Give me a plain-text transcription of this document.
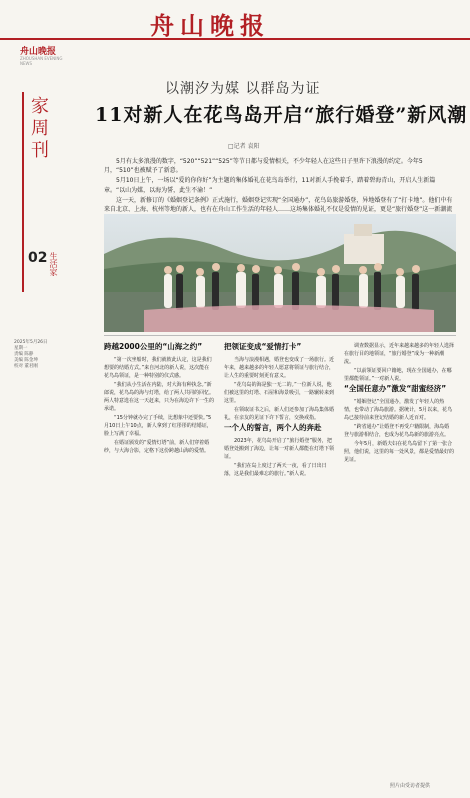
舟山晚报
舟山晚报
ZHOUSHAN EVENING NEWS
家周刊
02 生活家
2025年5月26日
星期一
责编 陈静
美编 陈金坤
校对 董君刚
以潮汐为媒 以群岛为证
11对新人在花鸟岛开启“旅行婚登”新风潮
□记者 袁阳

5月有太多浪漫的数字，“520”“521”“525”等节日都与爱情相关，不少年轻人在这些日子里许下浪漫的约定。今年5月，“510”也被赋予了新意。

5月10日上午，一场以“爱的你你好”为主题的集体婚礼在花鸟岛举行，11对新人手挽着手，踏着碧海青山，开启人生新篇章。“以山为媒，以海为誓，此生不渝！”

这一天，新修订的《婚姻登记条例》正式施行，婚姻登记实现“全国通办”，花鸟岛旅游婚登，异地婚登有了“打卡地”。他们中有来自北京、上海、杭州等地的新人，也有在舟山工作生活的年轻人……这场集体婚礼不仅是爱情的见证，更是“旅行婚登”这一新潮流

跨越2000公里的“山海之约”

“第一次坐船时，我们就彼此认定，这是我们想要的结婚方式。”来自河北的新人说，这次能在花鸟岛领证，是一种特别的仪式感。

“我们从小生活在内陆，对大海有种执念。”新郎说，花鸟岛的海与灯塔，给了两人共同的回忆。两人特意选在这一天赶来，只为在海边许下一生的承诺。

“15分钟就办完了手续，比想象中还要快。”5月10日上午10点，新人拿到了红彤彤的结婚证，脸上写满了幸福。

在婚证颁发的“爱情灯塔”前，新人们穿着婚纱，与大海合影，定格下这份跨越山海的爱情。

把领证变成“爱情打卡”

当海与浪漫相遇，婚登也变成了一场旅行。近年来，越来越多的年轻人愿意将领证与旅行结合，让人生的重要时刻更有意义。

“花鸟岛的海是独一无二的。”一位新人说，他们被这里的灯塔、石屋和海景吸引，一路辗转来到这里。

在领取证书之后，新人们还参加了海岛集体婚礼，在亲友的见证下许下誓言，交换戒指。

一个人的誓言，两个人的奔赴

2023年，花鸟岛开启了“旅行婚登”服务，把婚登处搬到了海边，让每一对新人都能在灯塔下领证。

“我们在岛上度过了两天一夜，看了日出日落，这是我们最难忘的旅行。”新人说。

调查数据显示，近年来越来越多的年轻人选择在旅行目的地领证，“旅行婚登”成为一种新潮流。

“以前领证要回户籍地，现在全国通办，在哪里都能领证。”一对新人说。

“全国任意办”激发“甜蜜经济”

“婚姻登记”全国通办，激发了年轻人的热情，也带动了海岛旅游。据统计，5月以来，花鸟岛已接待前来登记结婚的新人近百对。

“跨省通办”让婚登不再受户籍限制，海岛婚登与旅游相结合，也成为花鸟岛新的旅游亮点。

今年5月，新婚夫妇在花鸟岛留下了第一张合照，他们说，这里的每一处风景，都是爱情最好的见证。

照片由受访者提供
